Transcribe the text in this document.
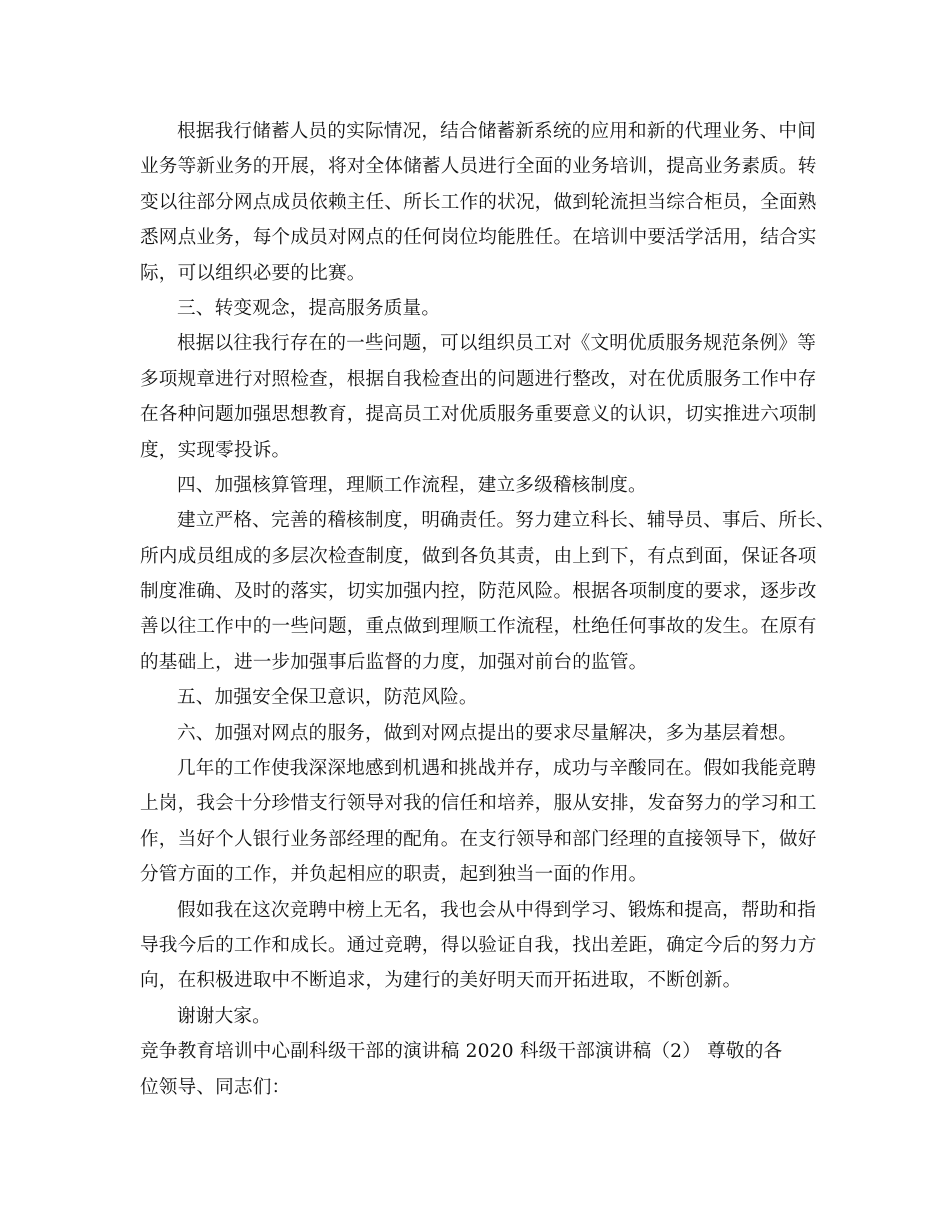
根据我行储蓄人员的实际情况，结合储蓄新系统的应用和新的代理业务、中间
业务等新业务的开展，将对全体储蓄人员进行全面的业务培训，提高业务素质。转
变以往部分网点成员依赖主任、所长工作的状况，做到轮流担当综合柜员，全面熟
悉网点业务，每个成员对网点的任何岗位均能胜任。在培训中要活学活用，结合实
际，可以组织必要的比赛。
三、转变观念，提高服务质量。
根据以往我行存在的一些问题，可以组织员工对《文明优质服务规范条例》等
多项规章进行对照检查，根据自我检查出的问题进行整改，对在优质服务工作中存
在各种问题加强思想教育，提高员工对优质服务重要意义的认识，切实推进六项制
度，实现零投诉。
四、加强核算管理，理顺工作流程，建立多级稽核制度。
建立严格、完善的稽核制度，明确责任。努力建立科长、辅导员、事后、所长、
所内成员组成的多层次检查制度，做到各负其责，由上到下，有点到面，保证各项
制度准确、及时的落实，切实加强内控，防范风险。根据各项制度的要求，逐步改
善以往工作中的一些问题，重点做到理顺工作流程，杜绝任何事故的发生。在原有
的基础上，进一步加强事后监督的力度，加强对前台的监管。
五、加强安全保卫意识，防范风险。
六、加强对网点的服务，做到对网点提出的要求尽量解决，多为基层着想。
几年的工作使我深深地感到机遇和挑战并存，成功与辛酸同在。假如我能竞聘
上岗，我会十分珍惜支行领导对我的信任和培养，服从安排，发奋努力的学习和工
作，当好个人银行业务部经理的配角。在支行领导和部门经理的直接领导下，做好
分管方面的工作，并负起相应的职责，起到独当一面的作用。
假如我在这次竞聘中榜上无名，我也会从中得到学习、锻炼和提高，帮助和指
导我今后的工作和成长。通过竞聘，得以验证自我，找出差距，确定今后的努力方
向，在积极进取中不断追求，为建行的美好明天而开拓进取，不断创新。
谢谢大家。
竞争教育培训中心副科级干部的演讲稿 2020 科级干部演讲稿（2） 尊敬的各
位领导、同志们：
